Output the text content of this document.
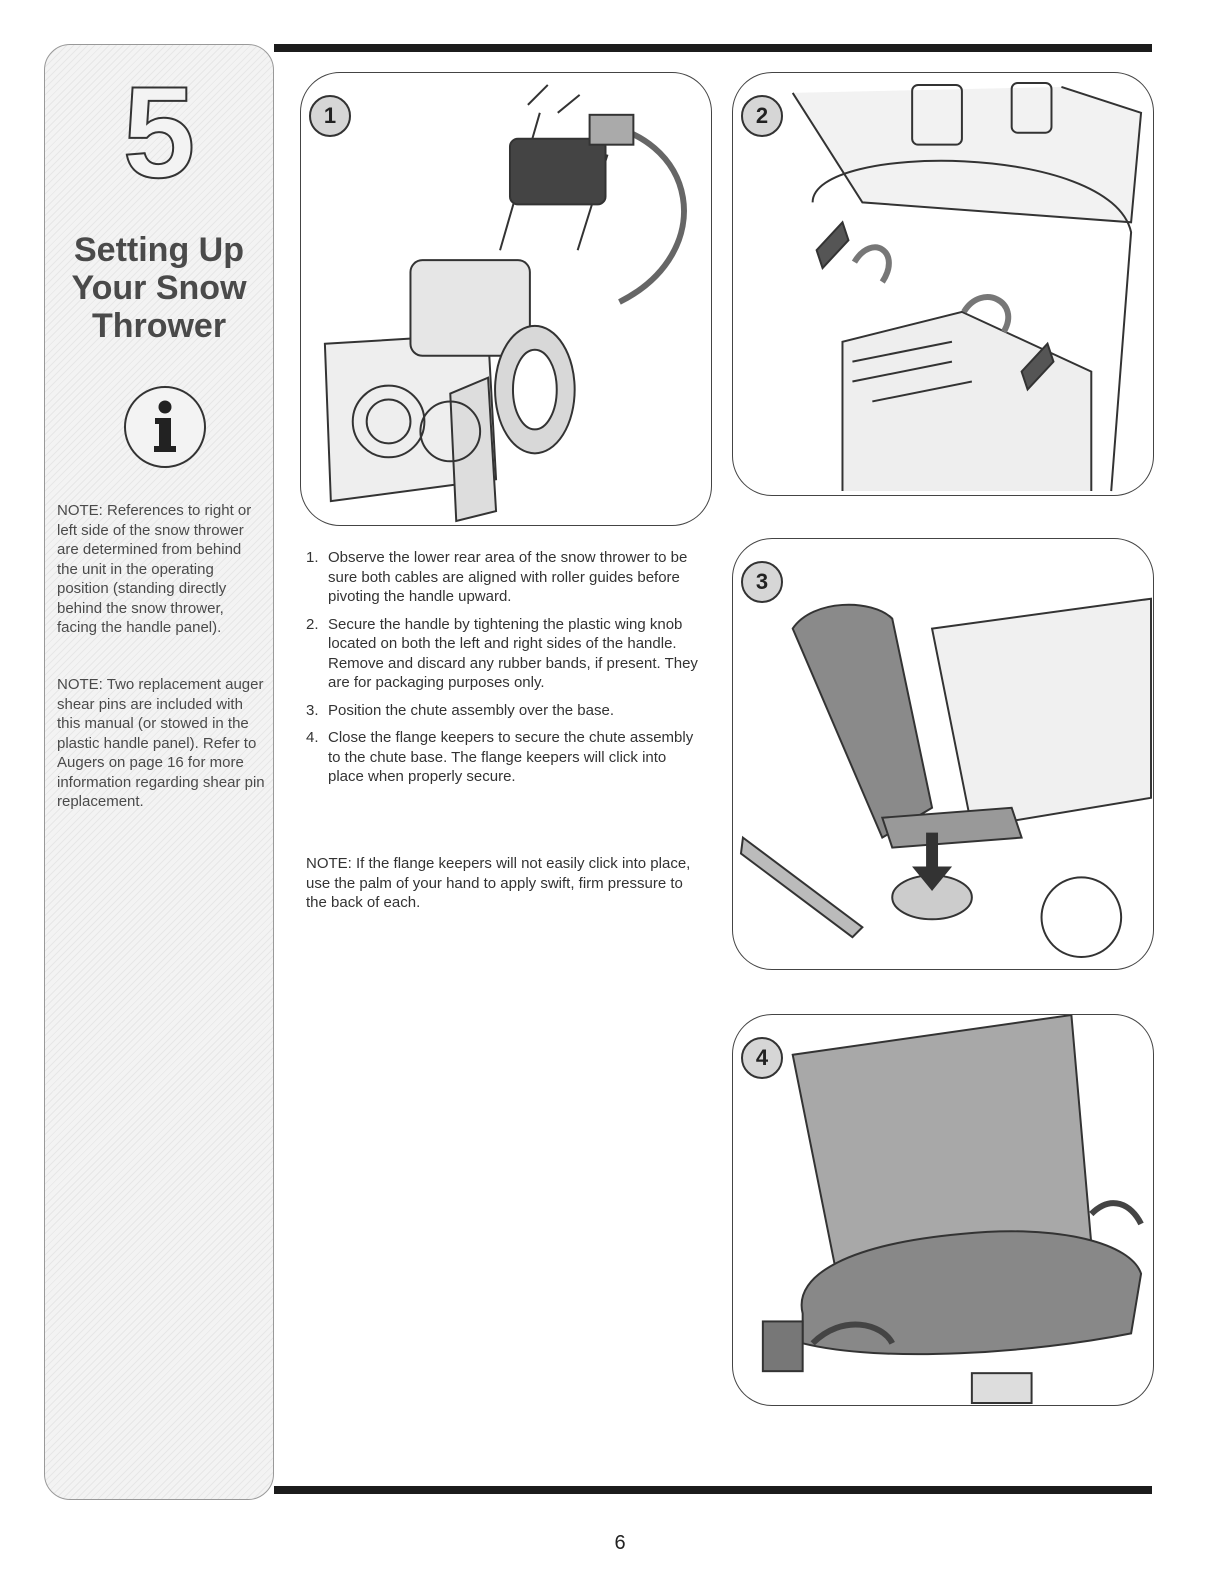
5
Setting Up
Your Snow
Thrower
NOTE: References to right or left side of the snow thrower are determined from behind the unit in the operating position (standing directly behind the snow thrower, facing the handle panel).
NOTE: Two replacement auger shear pins are included with this manual (or stowed in the plastic handle panel). Refer to Augers on page 16 for more information regarding shear pin replacement.
1	2
3
4
1. Observe the lower rear area of the snow thrower to be sure both cables are aligned with roller guides before pivoting the handle upward.
2. Secure the handle by tightening the plastic wing knob located on both the left and right sides of the handle. Remove and discard any rubber bands, if present. They are for packaging purposes only.
3. Position the chute assembly over the base.
4. Close the flange keepers to secure the chute assembly to the chute base. The flange keepers will click into place when properly secure.
NOTE: If the flange keepers will not easily click into place, use the palm of your hand to apply swift, firm pressure to the back of each.
6
